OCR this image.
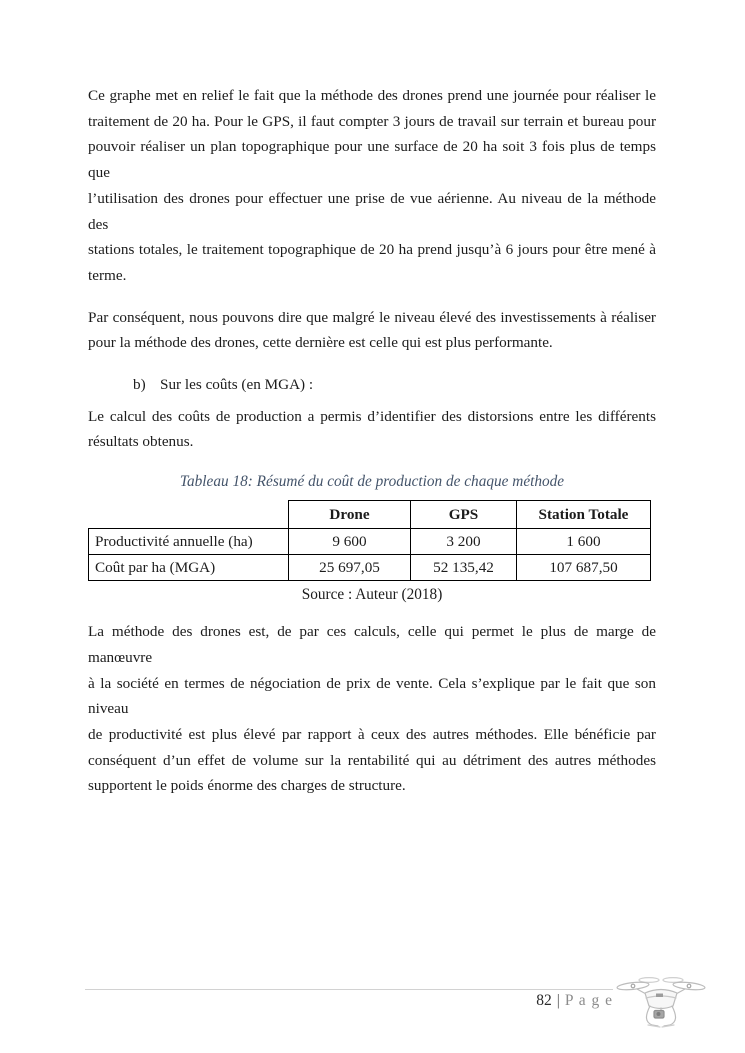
Ce graphe met en relief le fait que la méthode des drones prend une journée pour réaliser le
traitement de 20 ha. Pour le GPS, il faut compter 3 jours de travail sur terrain et bureau pour
pouvoir réaliser un plan topographique pour une surface de 20 ha soit 3 fois plus de temps que
l’utilisation des drones pour effectuer une prise de vue aérienne. Au niveau de la méthode des
stations totales, le traitement topographique de 20 ha prend jusqu’à 6 jours pour être mené à
terme.
Par conséquent, nous pouvons dire que malgré le niveau élevé des investissements à réaliser
pour la méthode des drones, cette dernière est celle qui est plus performante.
b) Sur les coûts (en MGA) :
Le calcul des coûts de production a permis d’identifier des distorsions entre les différents
résultats obtenus.
Tableau 18: Résumé du coût de production de chaque méthode
	Drone	GPS	Station Totale
Productivité annuelle (ha)	9 600	3 200	1 600
Coût par ha (MGA)	25 697,05	52 135,42	107 687,50
Source : Auteur (2018)
La méthode des drones est, de par ces calculs, celle qui permet le plus de marge de manœuvre
à la société en termes de négociation de prix de vente. Cela s’explique par le fait que son niveau
de productivité est plus élevé par rapport à ceux des autres méthodes. Elle bénéficie par
conséquent d’un effet de volume sur la rentabilité qui au détriment des autres méthodes
supportent le poids énorme des charges de structure.
82 | P a g e
